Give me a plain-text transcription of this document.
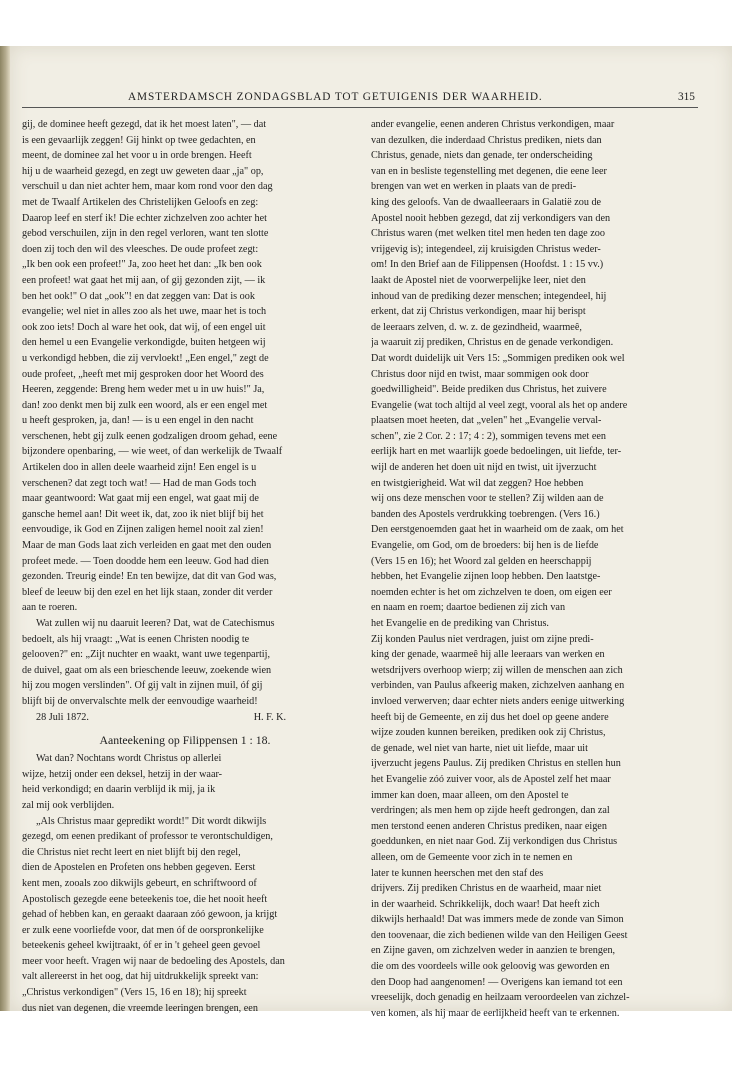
AMSTERDAMSCH ZONDAGSBLAD TOT GETUIGENIS DER WAARHEID.	315
gij, de dominee heeft gezegd, dat ik het moest laten", — dat
is een gevaarlijk zeggen! Gij hinkt op twee gedachten, en
meent, de dominee zal het voor u in orde brengen. Heeft
hij u de waarheid gezegd, en zegt uw geweten daar „ja" op,
verschuil u dan niet achter hem, maar kom rond voor den dag
met de Twaalf Artikelen des Christelijken Geloofs en zeg:
Daarop leef en sterf ik! Die echter zichzelven zoo achter het
gebod verschuilen, zijn in den regel verloren, want ten slotte
doen zij toch den wil des vleesches. De oude profeet zegt:
„Ik ben ook een profeet!" Ja, zoo heet het dan: „Ik ben ook
een profeet! wat gaat het mij aan, of gij gezonden zijt, — ik
ben het ook!" O dat „ook"! en dat zeggen van: Dat is ook
evangelie; wel niet in alles zoo als het uwe, maar het is toch
ook zoo iets! Doch al ware het ook, dat wij, of een engel uit
den hemel u een Evangelie verkondigde, buiten hetgeen wij
u verkondigd hebben, die zij vervloekt! „Een engel," zegt de
oude profeet, „heeft met mij gesproken door het Woord des
Heeren, zeggende: Breng hem weder met u in uw huis!" Ja,
dan! zoo denkt men bij zulk een woord, als er een engel met
u heeft gesproken, ja, dan! — is u een engel in den nacht
verschenen, hebt gij zulk eenen godzaligen droom gehad, eene
bijzondere openbaring, — wie weet, of dan werkelijk de Twaalf
Artikelen doo in allen deele waarheid zijn! Een engel is u
verschenen? dat zegt toch wat! — Had de man Gods toch
maar geantwoord: Wat gaat mij een engel, wat gaat mij de
gansche hemel aan! Dit weet ik, dat, zoo ik niet blijf bij het
eenvoudige, ik God en Zijnen zaligen hemel nooit zal zien!
Maar de man Gods laat zich verleiden en gaat met den ouden
profeet mede. — Toen doodde hem een leeuw. God had dien
gezonden. Treurig einde! En ten bewijze, dat dit van God was,
bleef de leeuw bij den ezel en het lijk staan, zonder dit verder
aan te roeren.
Wat zullen wij nu daaruit leeren? Dat, wat de Catechismus
bedoelt, als hij vraagt: „Wat is eenen Christen noodig te
gelooven?" en: „Zijt nuchter en waakt, want uwe tegenpartij,
de duivel, gaat om als een brieschende leeuw, zoekende wien
hij zou mogen verslinden". Of gij valt in zijnen muil, óf gij
blijft bij de onvervalschte melk der eenvoudige waarheid!
28 Juli 1872.	H. F. K.
Aanteekening op Filippensen 1 : 18.
Wat dan? Nochtans wordt Christus op allerlei
wijze, hetzij onder een deksel, hetzij in der waar-
heid verkondigd; en daarin verblijd ik mij, ja ik
zal mij ook verblijden.
„Als Christus maar gepredikt wordt!" Dit wordt dikwijls
gezegd, om eenen predikant of professor te verontschuldigen,
die Christus niet recht leert en niet blijft bij den regel,
dien de Apostelen en Profeten ons hebben gegeven. Eerst
kent men, zooals zoo dikwijls gebeurt, en schriftwoord of
Apostolisch gezegde eene beteekenis toe, die het nooit heeft
gehad of hebben kan, en geraakt daaraan zóó gewoon, ja krijgt
er zulk eene voorliefde voor, dat men óf de oorspronkelijke
beteekenis geheel kwijtraakt, óf er in 't geheel geen gevoel
meer voor heeft. Vragen wij naar de bedoeling des Apostels, dan
valt allereerst in het oog, dat hij uitdrukkelijk spreekt van:
„Christus verkondigen" (Vers 15, 16 en 18); hij spreekt
dus niet van degenen, die vreemde leeringen brengen, een
ander evangelie, eenen anderen Christus verkondigen, maar
van dezulken, die inderdaad Christus prediken, niets dan
Christus, genade, niets dan genade, ter onderscheiding
van en in besliste tegenstelling met degenen, die eene leer
brengen van wet en werken in plaats van de predi-
king des geloofs. Van de dwaalleeraars in Galatië zou de
Apostel nooit hebben gezegd, dat zij verkondigers van den
Christus waren (met welken titel men heden ten dage zoo
vrijgevig is); integendeel, zij kruisigden Christus weder-
om! In den Brief aan de Filippensen (Hoofdst. 1 : 15 vv.)
laakt de Apostel niet de voorwerpelijke leer, niet den
inhoud van de prediking dezer menschen; integendeel, hij
erkent, dat zij Christus verkondigen, maar hij berispt
de leeraars zelven, d. w. z. de gezindheid, waarmeê,
ja waaruit zij prediken, Christus en de genade verkondigen.
Dat wordt duidelijk uit Vers 15: „Sommigen prediken ook wel
Christus door nijd en twist, maar sommigen ook door
goedwilligheid". Beide prediken dus Christus, het zuivere
Evangelie (wat toch altijd al veel zegt, vooral als het op andere
plaatsen moet heeten, dat „velen" het „Evangelie verval-
schen", zie 2 Cor. 2 : 17; 4 : 2), sommigen tevens met een
eerlijk hart en met waarlijk goede bedoelingen, uit liefde, ter-
wijl de anderen het doen uit nijd en twist, uit ijverzucht
en twistgierigheid. Wat wil dat zeggen? Hoe hebben
wij ons deze menschen voor te stellen? Zij wilden aan de
banden des Apostels verdrukking toebrengen. (Vers 16.)
Den eerstgenoemden gaat het in waarheid om de zaak, om het
Evangelie, om God, om de broeders: bij hen is de liefde
(Vers 15 en 16); het Woord zal gelden en heerschappij
hebben, het Evangelie zijnen loop hebben. Den laatstge-
noemden echter is het om zichzelven te doen, om eigen eer
en naam en roem; daartoe bedienen zij zich van
het Evangelie en de prediking van Christus.
Zij konden Paulus niet verdragen, juist om zijne predi-
king der genade, waarmeê hij alle leeraars van werken en
wetsdrijvers overhoop wierp; zij willen de menschen aan zich
verbinden, van Paulus afkeerig maken, zichzelven aanhang en
invloed verwerven; daar echter niets anders eenige uitwerking
heeft bij de Gemeente, en zij dus het doel op geene andere
wijze zouden kunnen bereiken, prediken ook zij Christus,
de genade, wel niet van harte, niet uit liefde, maar uit
ijverzucht jegens Paulus. Zij prediken Christus en stellen hun
het Evangelie zóó zuiver voor, als de Apostel zelf het maar
immer kan doen, maar alleen, om den Apostel te
verdringen; als men hem op zijde heeft gedrongen, dan zal
men terstond eenen anderen Christus prediken, naar eigen
goeddunken, en niet naar God. Zij verkondigen dus Christus
alleen, om de Gemeente voor zich in te nemen en
later te kunnen heerschen met den staf des
drijvers. Zij prediken Christus en de waarheid, maar niet
in der waarheid. Schrikkelijk, doch waar! Dat heeft zich
dikwijls herhaald! Dat was immers mede de zonde van Simon
den toovenaar, die zich bedienen wilde van den Heiligen Geest
en Zijne gaven, om zichzelven weder in aanzien te brengen,
die om des voordeels wille ook geloovig was geworden en
den Doop had aangenomen! — Overigens kan iemand tot een
vreeselijk, doch genadig en heilzaam veroordeelen van zichzel-
ven komen, als hij maar de eerlijkheid heeft van te erkennen.
